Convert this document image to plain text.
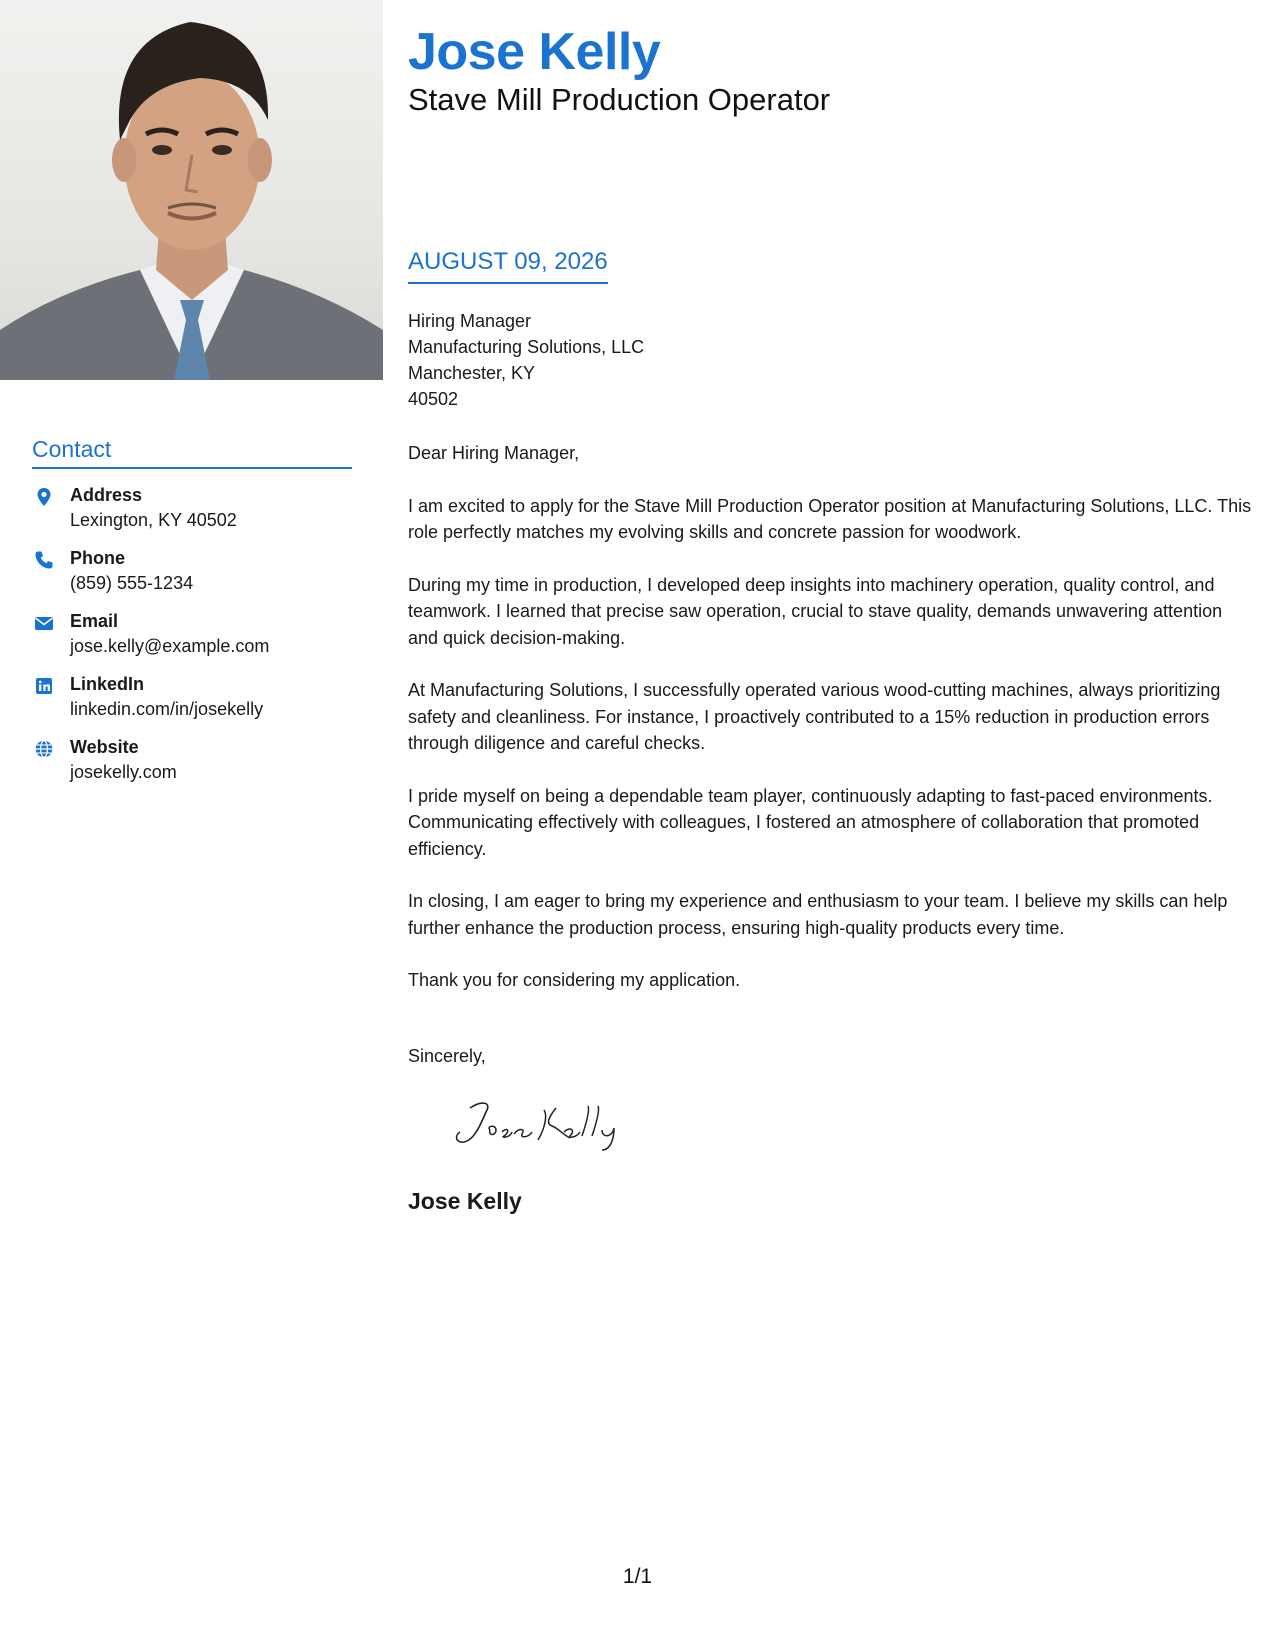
Contact
Address
Lexington, KY 40502
Phone
(859) 555-1234
Email
jose.kelly@example.com
LinkedIn
linkedin.com/in/josekelly
Website
josekelly.com
Jose Kelly
Stave Mill Production Operator
AUGUST 09, 2026
Hiring Manager
Manufacturing Solutions, LLC
Manchester, KY
40502

Dear Hiring Manager,

I am excited to apply for the Stave Mill Production Operator position at Manufacturing Solutions, LLC. This role perfectly matches my evolving skills and concrete passion for woodwork.

During my time in production, I developed deep insights into machinery operation, quality control, and teamwork. I learned that precise saw operation, crucial to stave quality, demands unwavering attention and quick decision-making.

At Manufacturing Solutions, I successfully operated various wood-cutting machines, always prioritizing safety and cleanliness. For instance, I proactively contributed to a 15% reduction in production errors through diligence and careful checks.

I pride myself on being a dependable team player, continuously adapting to fast-paced environments. Communicating effectively with colleagues, I fostered an atmosphere of collaboration that promoted efficiency.

In closing, I am eager to bring my experience and enthusiasm to your team. I believe my skills can help further enhance the production process, ensuring high-quality products every time.

Thank you for considering my application.

Sincerely,
Jose Kelly
1/1
